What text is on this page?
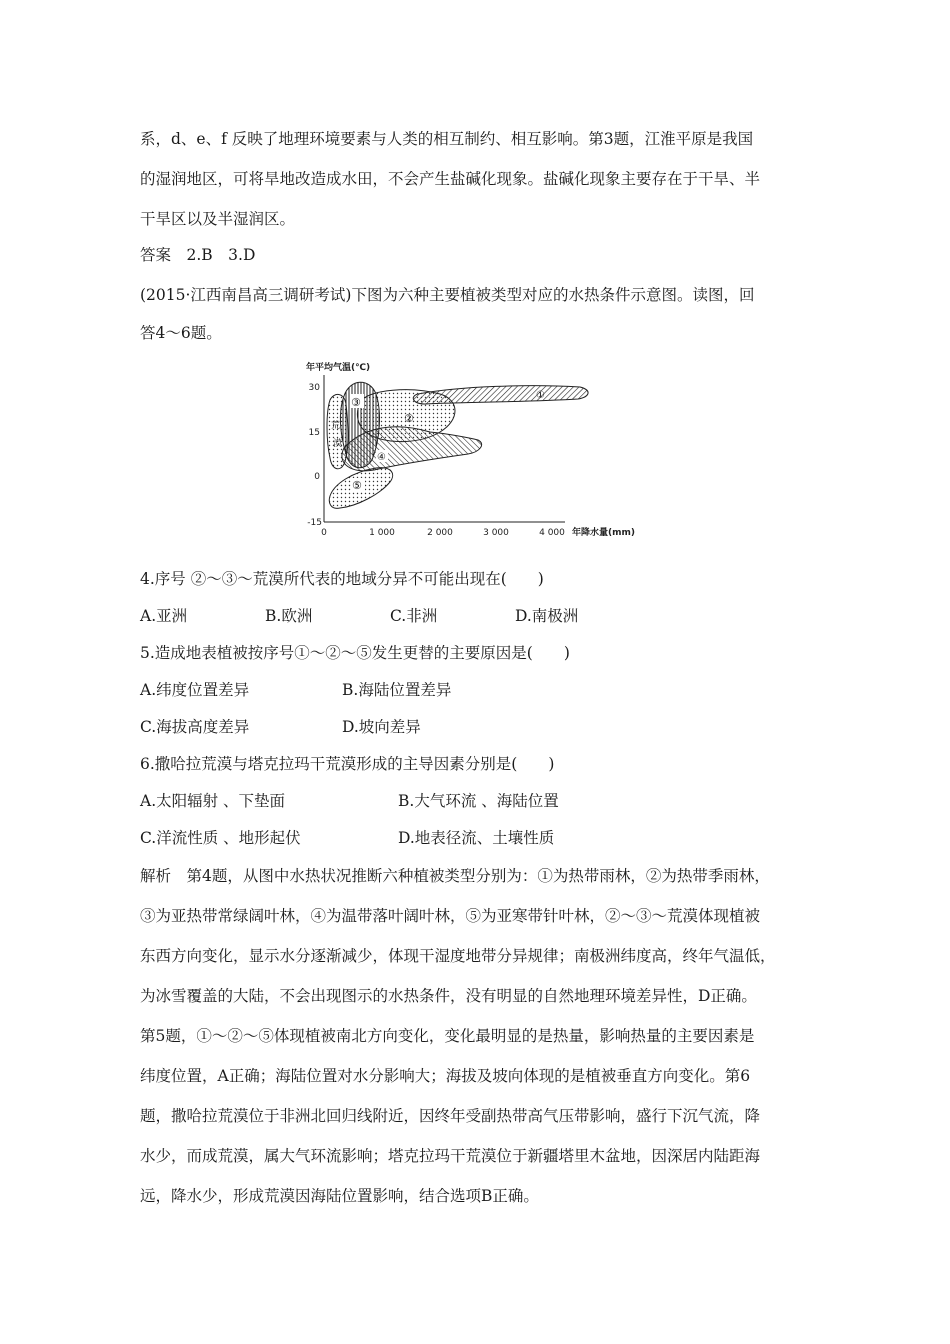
系，d、e、f 反映了地理环境要素与人类的相互制约、相互影响。第3题，江淮平原是我国
的湿润地区，可将旱地改造成水田，不会产生盐碱化现象。盐碱化现象主要存在于干旱、半
干旱区以及半湿润区。
答案　2.B　3.D
(2015·江西南昌高三调研考试)下图为六种主要植被类型对应的水热条件示意图。读图，回
答4～6题。
年平均气温(℃)
年降水量(mm)
30
15
0
-15
0	1 000	2 000	3 000	4 000
①
②
荒
漠
③
④
⑤
4.序号 ②～③～荒漠所代表的地域分异不可能出现在(　　)
A.亚洲	B.欧洲	C.非洲	D.南极洲
5.造成地表植被按序号①～②～⑤发生更替的主要原因是(　　)
A.纬度位置差异	B.海陆位置差异
C.海拔高度差异	D.坡向差异
6.撒哈拉荒漠与塔克拉玛干荒漠形成的主导因素分别是(　　)
A.太阳辐射 、下垫面	B.大气环流 、海陆位置
C.洋流性质 、地形起伏	D.地表径流、土壤性质
解析　第4题，从图中水热状况推断六种植被类型分别为：①为热带雨林，②为热带季雨林，
③为亚热带常绿阔叶林，④为温带落叶阔叶林，⑤为亚寒带针叶林，②～③～荒漠体现植被
东西方向变化，显示水分逐渐减少，体现干湿度地带分异规律；南极洲纬度高，终年气温低，
为冰雪覆盖的大陆，不会出现图示的水热条件，没有明显的自然地理环境差异性，D正确。
第5题，①～②～⑤体现植被南北方向变化，变化最明显的是热量，影响热量的主要因素是
纬度位置，A正确；海陆位置对水分影响大；海拔及坡向体现的是植被垂直方向变化。第6
题，撒哈拉荒漠位于非洲北回归线附近，因终年受副热带高气压带影响，盛行下沉气流，降
水少，而成荒漠，属大气环流影响；塔克拉玛干荒漠位于新疆塔里木盆地，因深居内陆距海
远，降水少，形成荒漠因海陆位置影响，结合选项B正确。
